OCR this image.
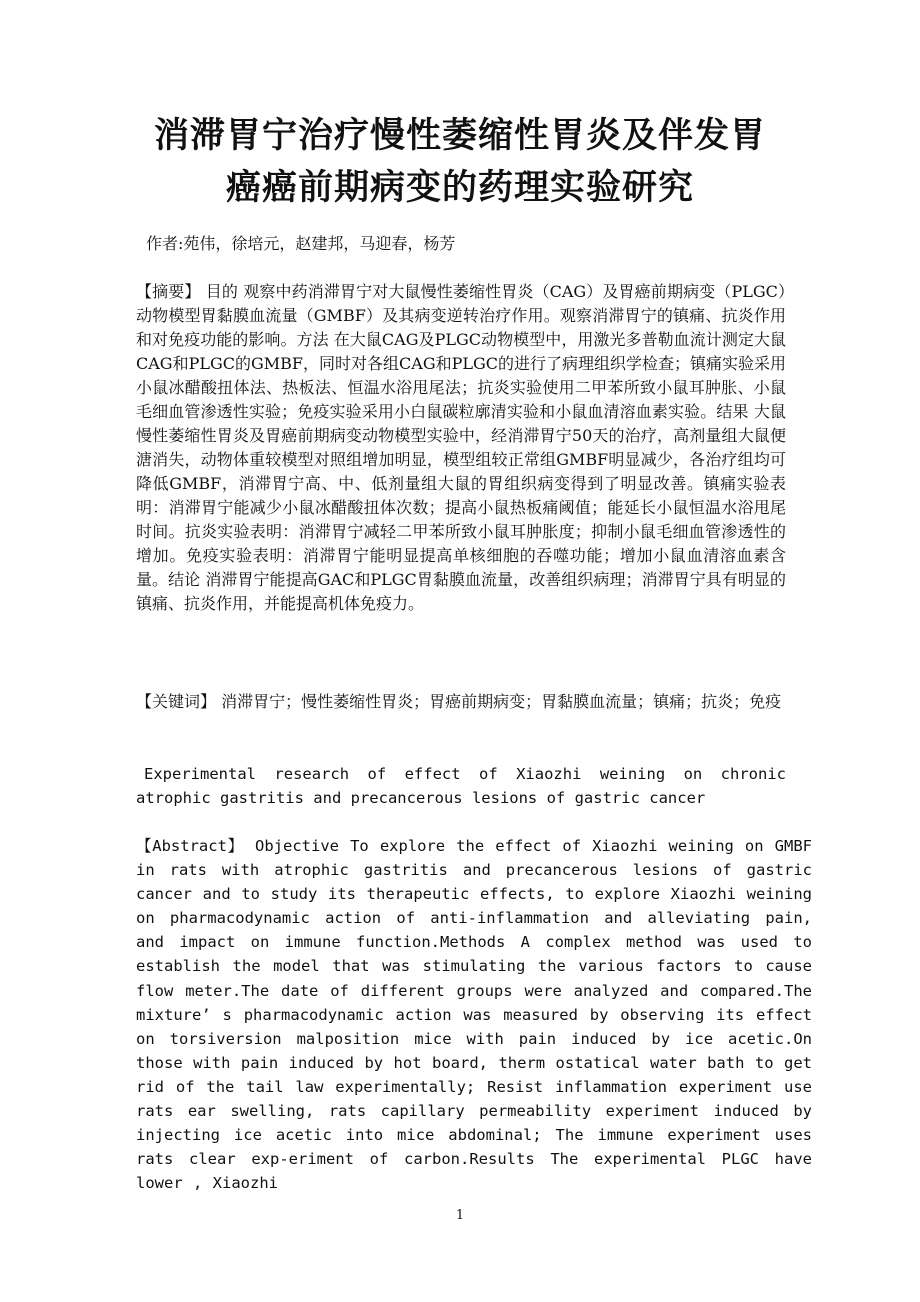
消滞胃宁治疗慢性萎缩性胃炎及伴发胃
癌癌前期病变的药理实验研究
作者:苑伟，徐培元，赵建邦，马迎春，杨芳

【摘要】 目的 观察中药消滞胃宁对大鼠慢性萎缩性胃炎（CAG）及胃癌前期病变（PLGC）动物模型胃黏膜血流量（GMBF）及其病变逆转治疗作用。观察消滞胃宁的镇痛、抗炎作用和对免疫功能的影响。方法 在大鼠CAG及PLGC动物模型中，用激光多普勒血流计测定大鼠CAG和PLGC的GMBF，同时对各组CAG和PLGC的进行了病理组织学检查；镇痛实验采用小鼠冰醋酸扭体法、热板法、恒温水浴甩尾法；抗炎实验使用二甲苯所致小鼠耳肿胀、小鼠毛细血管渗透性实验；免疫实验采用小白鼠碳粒廓清实验和小鼠血清溶血素实验。结果 大鼠慢性萎缩性胃炎及胃癌前期病变动物模型实验中，经消滞胃宁50天的治疗，高剂量组大鼠便溏消失，动物体重较模型对照组增加明显，模型组较正常组GMBF明显减少，各治疗组均可降低GMBF，消滞胃宁高、中、低剂量组大鼠的胃组织病变得到了明显改善。镇痛实验表明：消滞胃宁能减少小鼠冰醋酸扭体次数；提高小鼠热板痛阈值；能延长小鼠恒温水浴甩尾时间。抗炎实验表明：消滞胃宁减轻二甲苯所致小鼠耳肿胀度；抑制小鼠毛细血管渗透性的增加。免疫实验表明：消滞胃宁能明显提高单核细胞的吞噬功能；增加小鼠血清溶血素含量。结论 消滞胃宁能提高GAC和PLGC胃黏膜血流量，改善组织病理；消滞胃宁具有明显的镇痛、抗炎作用，并能提高机体免疫力。

【关键词】 消滞胃宁；慢性萎缩性胃炎；胃癌前期病变；胃黏膜血流量；镇痛；抗炎；免疫

Experimental research of effect of Xiaozhi weining on chronic
atrophic gastritis and precancerous lesions of gastric cancer

【Abstract】 Objective To explore the effect of Xiaozhi weining on GMBF in rats with atrophic gastritis and precancerous lesions of gastric cancer and to study its therapeutic effects, to explore Xiaozhi weining on pharmacodynamic action of anti-inflammation and alleviating pain, and impact on immune function.Methods A complex method was used to establish the model that was stimulating the various factors to cause flow meter.The date of different groups were analyzed and compared.The mixture’ s pharmacodynamic action was measured by observing its effect on torsiversion malposition mice with pain induced by ice acetic.On those with pain induced by hot board, therm ostatical water bath to get rid of the tail law experimentally; Resist inflammation experiment use rats ear swelling, rats capillary permeability experiment induced by injecting ice acetic into mice abdominal; The immune experiment uses rats clear exp-eriment of carbon.Results The experimental PLGC have lower , Xiaozhi

1
